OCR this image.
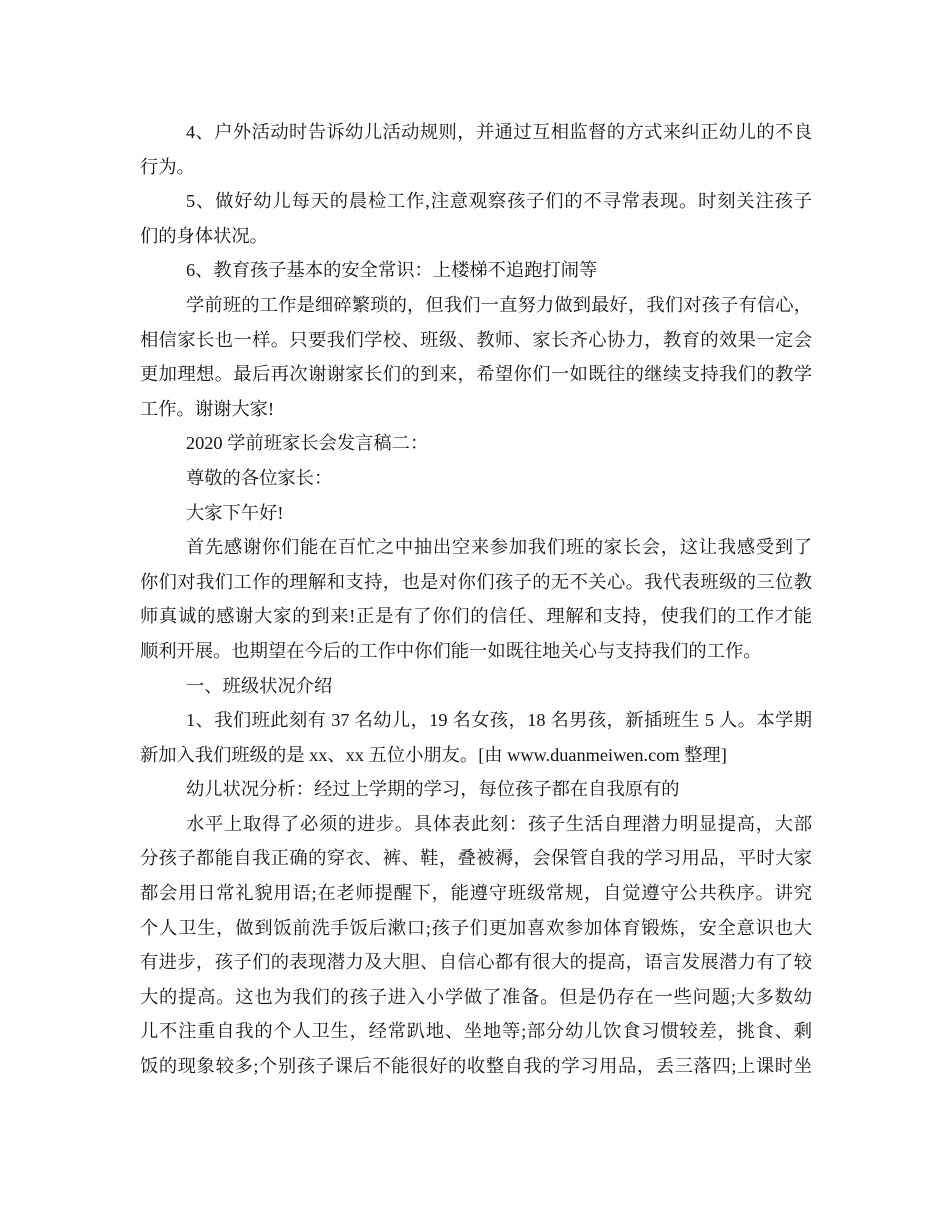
4、户外活动时告诉幼儿活动规则，并通过互相监督的方式来纠正幼儿的不良
行为。
5、做好幼儿每天的晨检工作,注意观察孩子们的不寻常表现。时刻关注孩子
们的身体状况。
6、教育孩子基本的安全常识：上楼梯不追跑打闹等
学前班的工作是细碎繁琐的，但我们一直努力做到最好，我们对孩子有信心，
相信家长也一样。只要我们学校、班级、教师、家长齐心协力，教育的效果一定会
更加理想。最后再次谢谢家长们的到来，希望你们一如既往的继续支持我们的教学
工作。谢谢大家!
2020 学前班家长会发言稿二：
尊敬的各位家长：
大家下午好!
首先感谢你们能在百忙之中抽出空来参加我们班的家长会，这让我感受到了
你们对我们工作的理解和支持，也是对你们孩子的无不关心。我代表班级的三位教
师真诚的感谢大家的到来!正是有了你们的信任、理解和支持，使我们的工作才能
顺利开展。也期望在今后的工作中你们能一如既往地关心与支持我们的工作。
一、班级状况介绍
1、我们班此刻有 37 名幼儿，19 名女孩，18 名男孩，新插班生 5 人。本学期
新加入我们班级的是 xx、xx 五位小朋友。[由 www.duanmeiwen.com 整理]
幼儿状况分析：经过上学期的学习，每位孩子都在自我原有的
水平上取得了必须的进步。具体表此刻：孩子生活自理潜力明显提高，大部
分孩子都能自我正确的穿衣、裤、鞋，叠被褥，会保管自我的学习用品，平时大家
都会用日常礼貌用语;在老师提醒下，能遵守班级常规，自觉遵守公共秩序。讲究
个人卫生，做到饭前洗手饭后漱口;孩子们更加喜欢参加体育锻炼，安全意识也大
有进步，孩子们的表现潜力及大胆、自信心都有很大的提高，语言发展潜力有了较
大的提高。这也为我们的孩子进入小学做了准备。但是仍存在一些问题;大多数幼
儿不注重自我的个人卫生，经常趴地、坐地等;部分幼儿饮食习惯较差，挑食、剩
饭的现象较多;个别孩子课后不能很好的收整自我的学习用品，丢三落四;上课时坐
